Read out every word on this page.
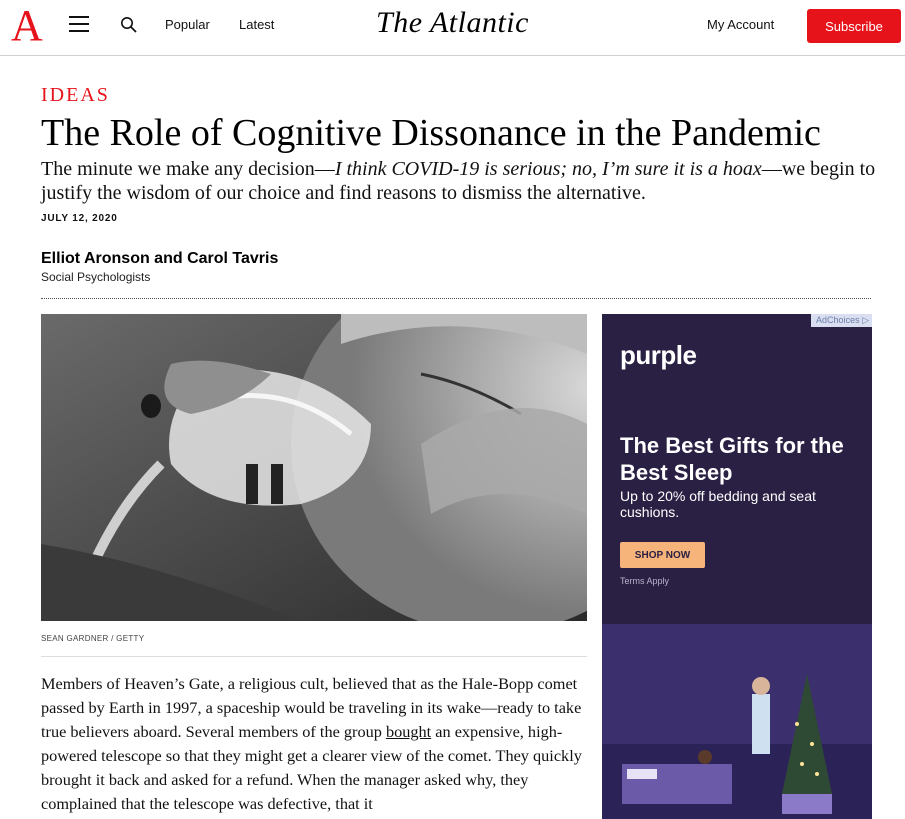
A	Popular Latest	The Atlantic	My Account	Subscribe
IDEAS
The Role of Cognitive Dissonance in the Pandemic
The minute we make any decision—I think COVID-19 is serious; no, I’m sure it is a hoax—we begin to justify the wisdom of our choice and find reasons to dismiss the alternative.
JULY 12, 2020
Elliot Aronson and Carol Tavris
Social Psychologists
SEAN GARDNER / GETTY
Members of Heaven’s Gate, a religious cult, believed that as the Hale-Bopp comet passed by Earth in 1997, a spaceship would be traveling in its wake—ready to take true believers aboard. Several members of the group bought an expensive, high-powered telescope so that they might get a clearer view of the comet. They quickly brought it back and asked for a refund. When the manager asked why, they complained that the telescope was defective, that it
AdChoices ▷
purple
The Best Gifts for the Best Sleep
Up to 20% off bedding and seat cushions.
SHOP NOW
Terms Apply
